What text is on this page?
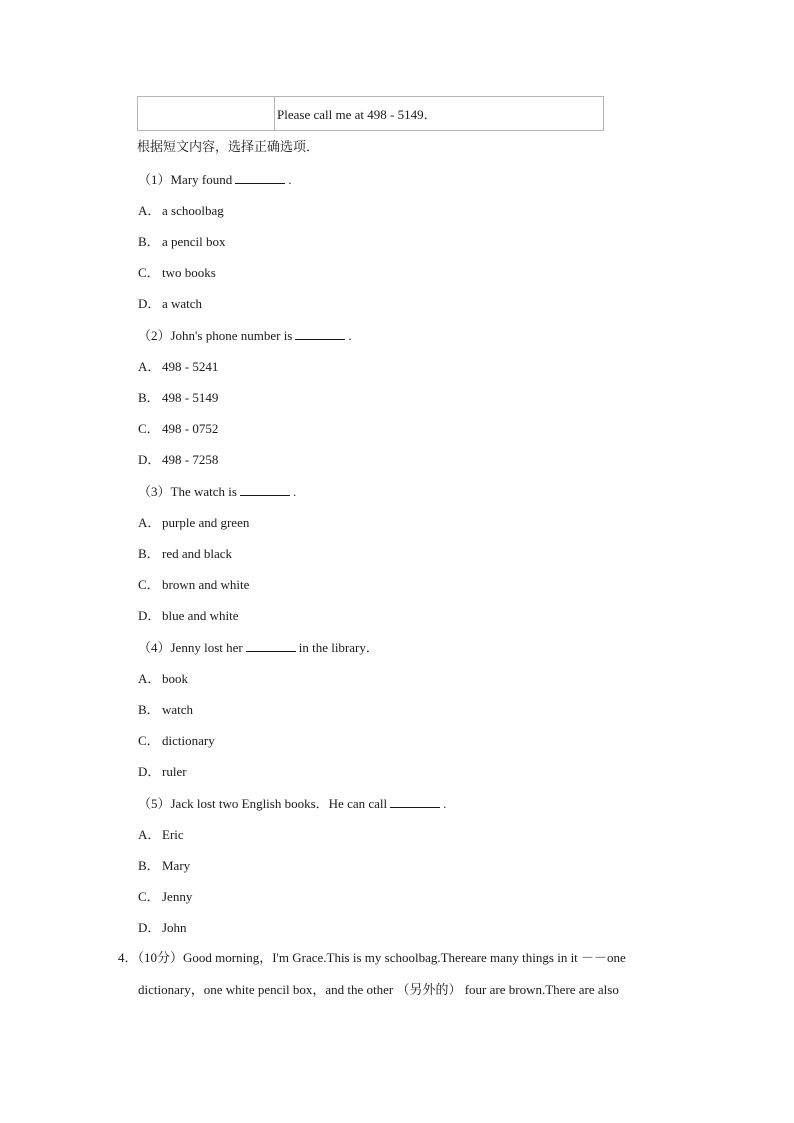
	Please call me at 498 - 5149．
根据短文内容，选择正确选项．
（1）Mary found	.
A． a schoolbag
B． a pencil box
C． two books
D． a watch
（2）John's phone number is	.
A． 498 - 5241
B． 498 - 5149
C． 498 - 0752
D． 498 - 7258
（3）The watch is	.
A． purple and green
B． red and black
C． brown and white
D． blue and white
（4）Jenny lost her	in the library．
A． book
B． watch
C． dictionary
D． ruler
（5）Jack lost two English books．He can call	.
A． Eric
B． Mary
C． Jenny
D． John
4．（10分）Good morning，I'm Grace.This is my schoolbag.Thereare many things in it －－one
dictionary，one white pencil box，and the other （另外的） four are brown.There are also
